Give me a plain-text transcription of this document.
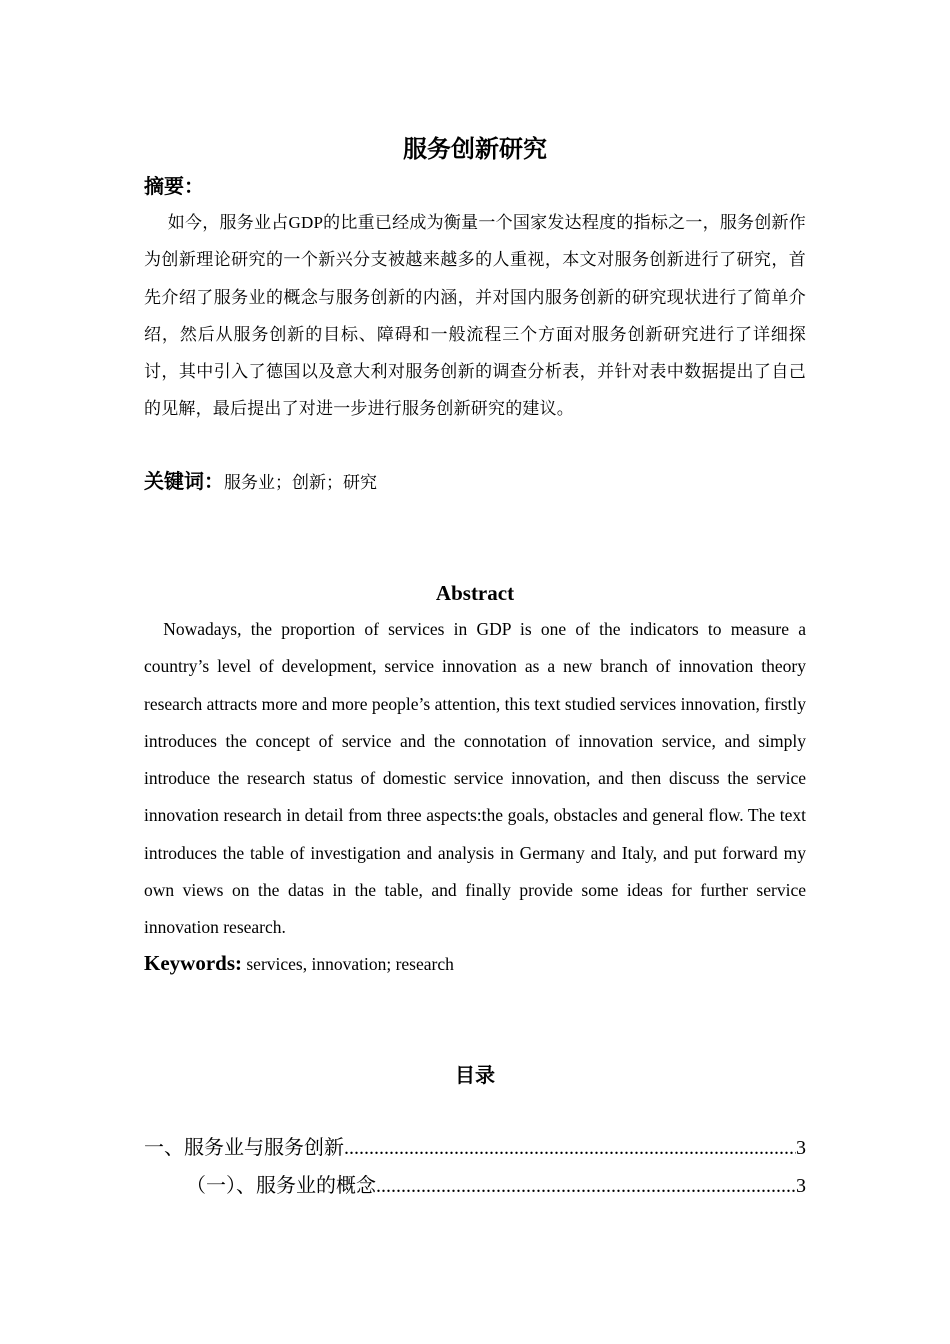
服务创新研究
摘要：

如今，服务业占GDP的比重已经成为衡量一个国家发达程度的指标之一，服务创新作为创新理论研究的一个新兴分支被越来越多的人重视，本文对服务创新进行了研究，首先介绍了服务业的概念与服务创新的内涵，并对国内服务创新的研究现状进行了简单介绍，然后从服务创新的目标、障碍和一般流程三个方面对服务创新研究进行了详细探讨，其中引入了德国以及意大利对服务创新的调查分析表，并针对表中数据提出了自己的见解，最后提出了对进一步进行服务创新研究的建议。

关键词：服务业；创新；研究
Abstract

Nowadays, the proportion of services in GDP is one of the indicators to measure a country’s level of development, service innovation as a new branch of innovation theory research attracts more and more people’s attention, this text studied services innovation, firstly introduces the concept of service and the connotation of innovation service, and simply introduce the research status of domestic service innovation, and then discuss the service innovation research in detail from three aspects:the goals, obstacles and general flow. The text introduces the table of investigation and analysis in Germany and Italy, and put forward my own views on the datas in the table, and finally provide some ideas for further service innovation research.

Keywords: services, innovation; research
目录
一、服务业与服务创新 .....	3
（一）、服务业的概念 .....	3
